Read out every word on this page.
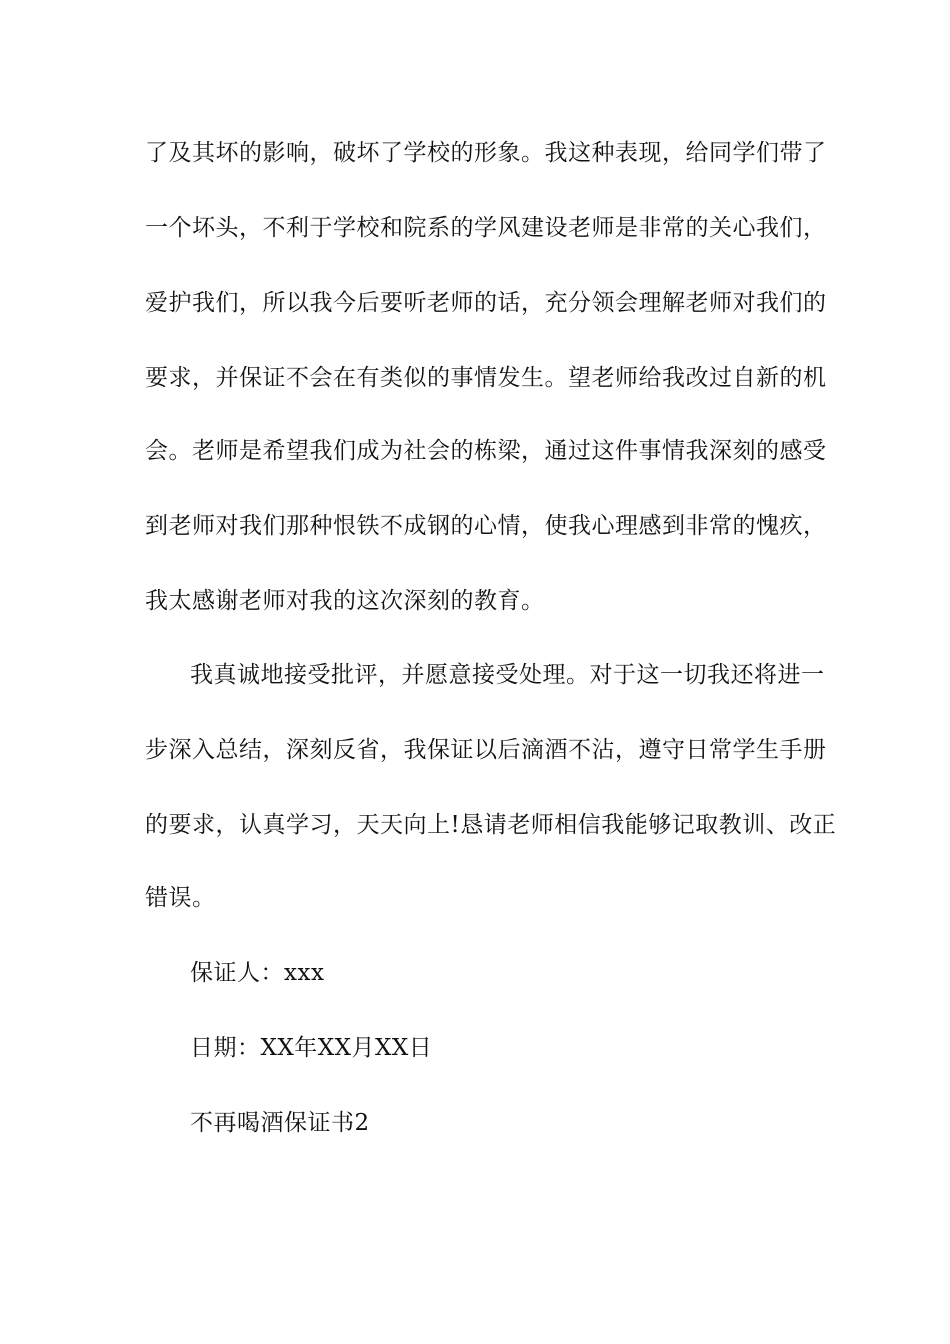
了及其坏的影响，破坏了学校的形象。我这种表现，给同学们带了
一个坏头，不利于学校和院系的学风建设老师是非常的关心我们，
爱护我们，所以我今后要听老师的话，充分领会理解老师对我们的
要求，并保证不会在有类似的事情发生。望老师给我改过自新的机
会。老师是希望我们成为社会的栋梁，通过这件事情我深刻的感受
到老师对我们那种恨铁不成钢的心情，使我心理感到非常的愧疚，
我太感谢老师对我的这次深刻的教育。
我真诚地接受批评，并愿意接受处理。对于这一切我还将进一
步深入总结，深刻反省，我保证以后滴酒不沾，遵守日常学生手册
的要求，认真学习，天天向上!恳请老师相信我能够记取教训、改正
错误。
保证人：xxx
日期：XX年XX月XX日
不再喝酒保证书2
